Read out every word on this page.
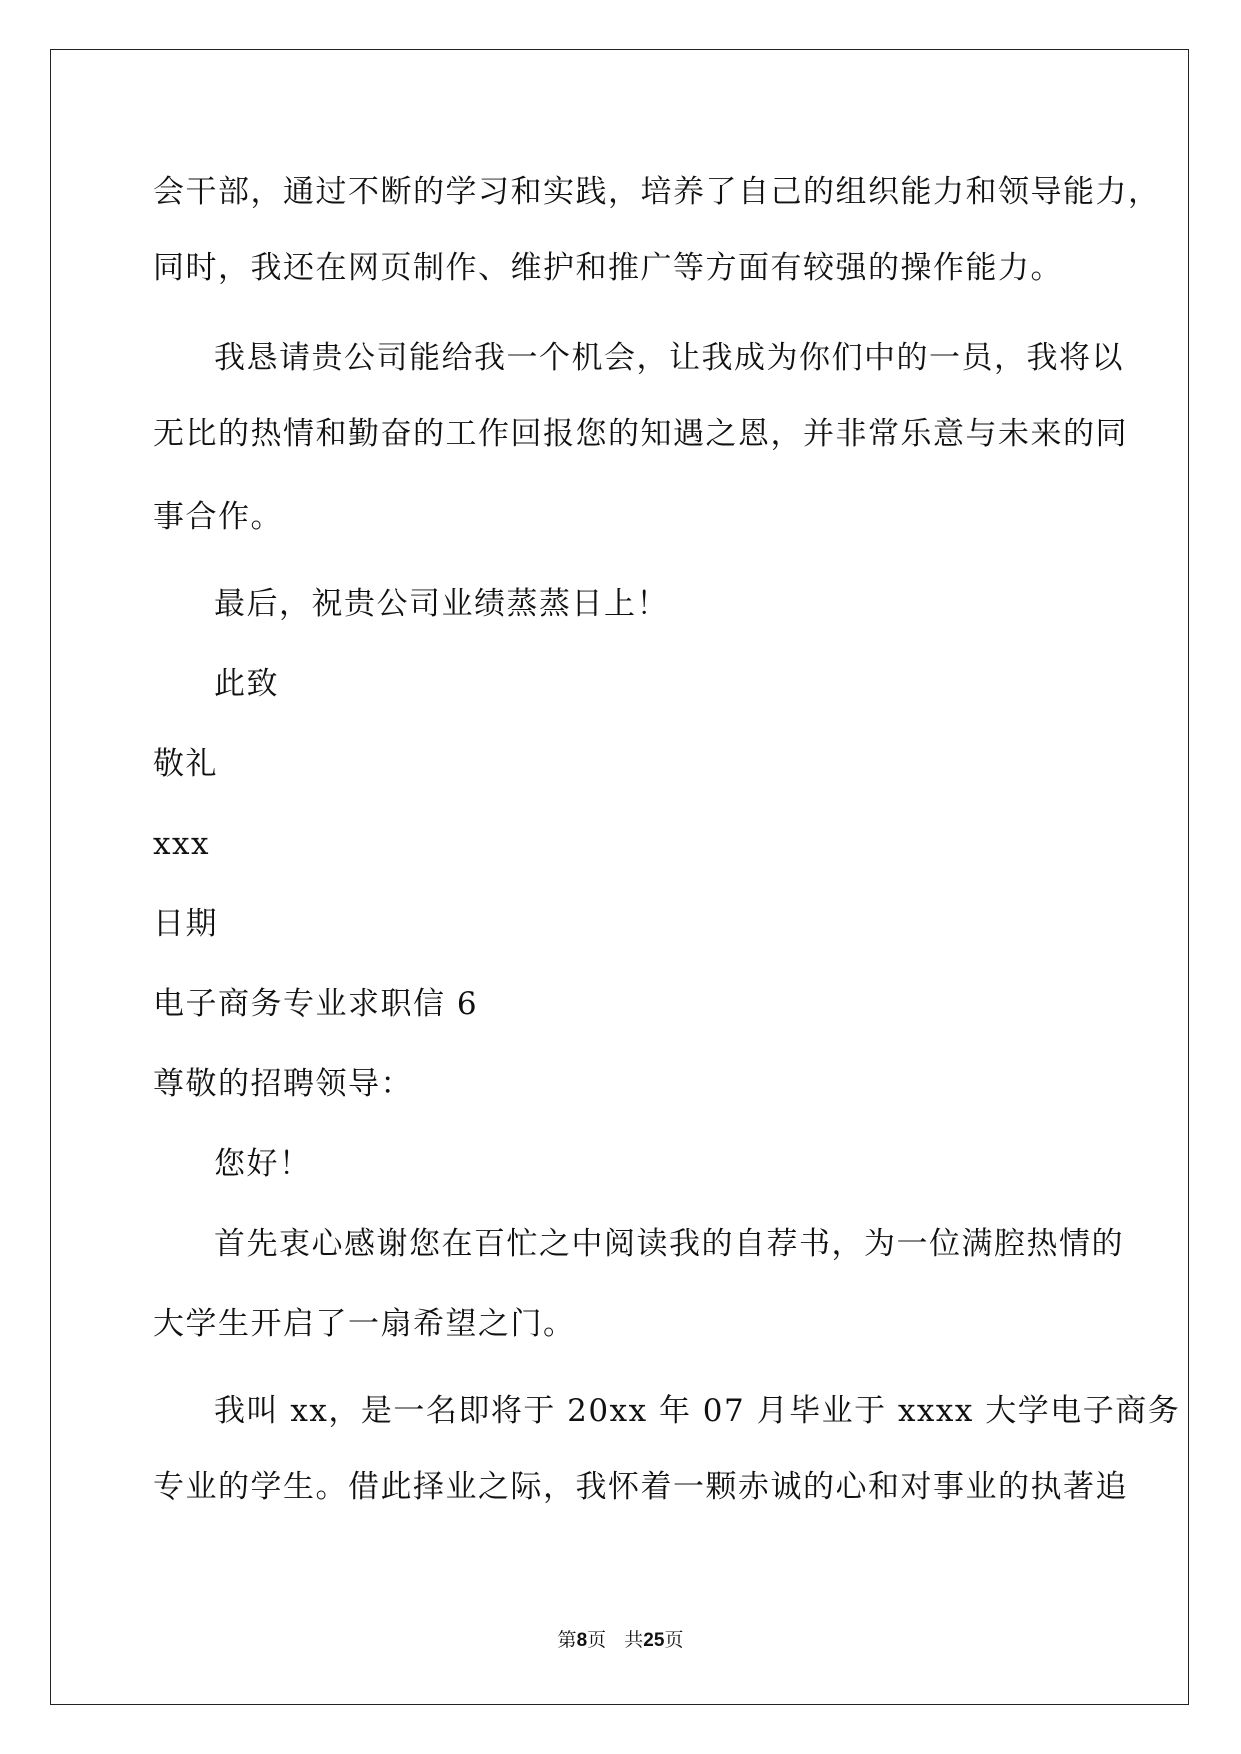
会干部，通过不断的学习和实践，培养了自己的组织能力和领导能力，
同时，我还在网页制作、维护和推广等方面有较强的操作能力。
我恳请贵公司能给我一个机会，让我成为你们中的一员，我将以
无比的热情和勤奋的工作回报您的知遇之恩，并非常乐意与未来的同
事合作。
最后，祝贵公司业绩蒸蒸日上！
此致
敬礼
xxx
日期
电子商务专业求职信 6
尊敬的招聘领导：
您好！
首先衷心感谢您在百忙之中阅读我的自荐书，为一位满腔热情的
大学生开启了一扇希望之门。
我叫 xx，是一名即将于 20xx 年 07 月毕业于 xxxx 大学电子商务
专业的学生。借此择业之际，我怀着一颗赤诚的心和对事业的执著追
第8页 共25页
